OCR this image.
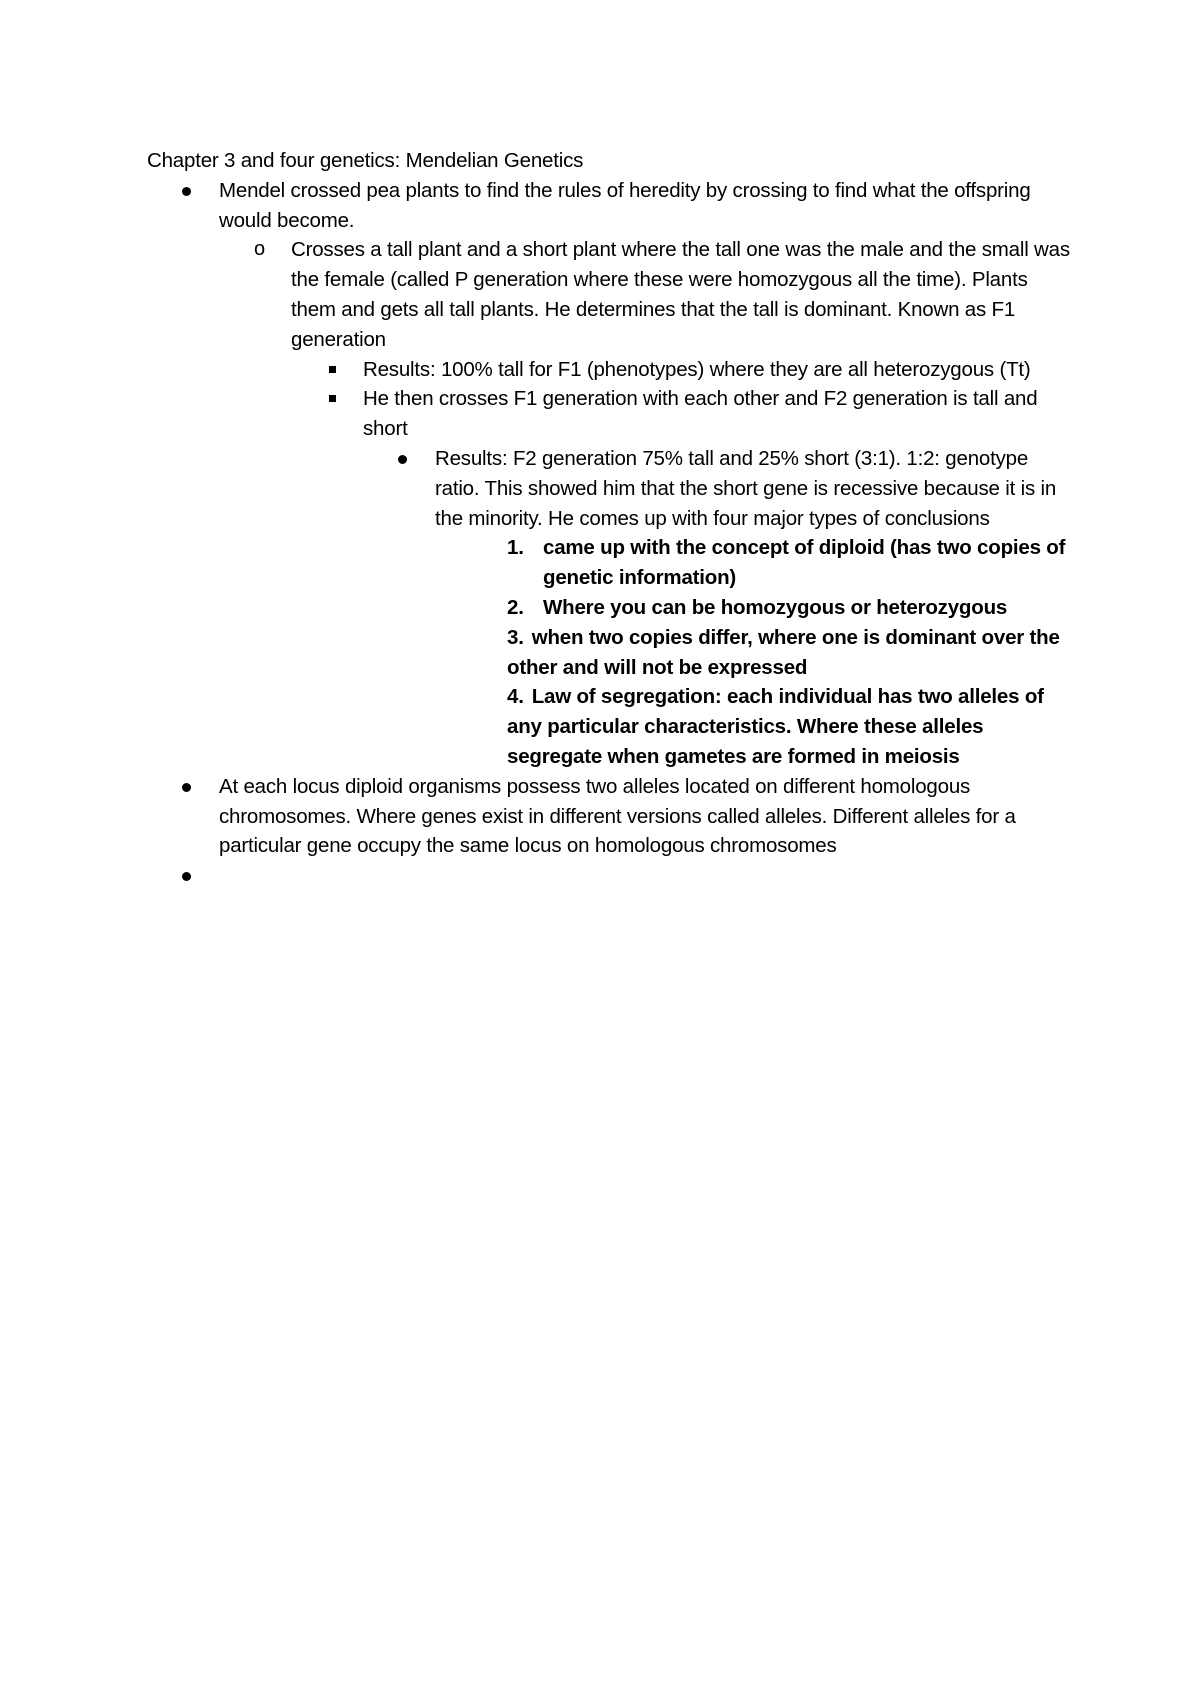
Chapter 3 and four genetics: Mendelian Genetics

Mendel crossed pea plants to find the rules of heredity by crossing to find what the offspring would become.
o Crosses a tall plant and a short plant where the tall one was the male and the small was the female (called P generation where these were homozygous all the time). Plants them and gets all tall plants. He determines that the tall is dominant. Known as F1 generation
Results: 100% tall for F1 (phenotypes) where they are all heterozygous (Tt)
He then crosses F1 generation with each other and F2 generation is tall and short
Results: F2 generation 75% tall and 25% short (3:1). 1:2: genotype ratio. This showed him that the short gene is recessive because it is in the minority. He comes up with four major types of conclusions
1. came up with the concept of diploid (has two copies of genetic information)
2. Where you can be homozygous or heterozygous
3. when two copies differ, where one is dominant over the other and will not be expressed
4. Law of segregation: each individual has two alleles of any particular characteristics. Where these alleles segregate when gametes are formed in meiosis
At each locus diploid organisms possess two alleles located on different homologous chromosomes. Where genes exist in different versions called alleles. Different alleles for a particular gene occupy the same locus on homologous chromosomes
